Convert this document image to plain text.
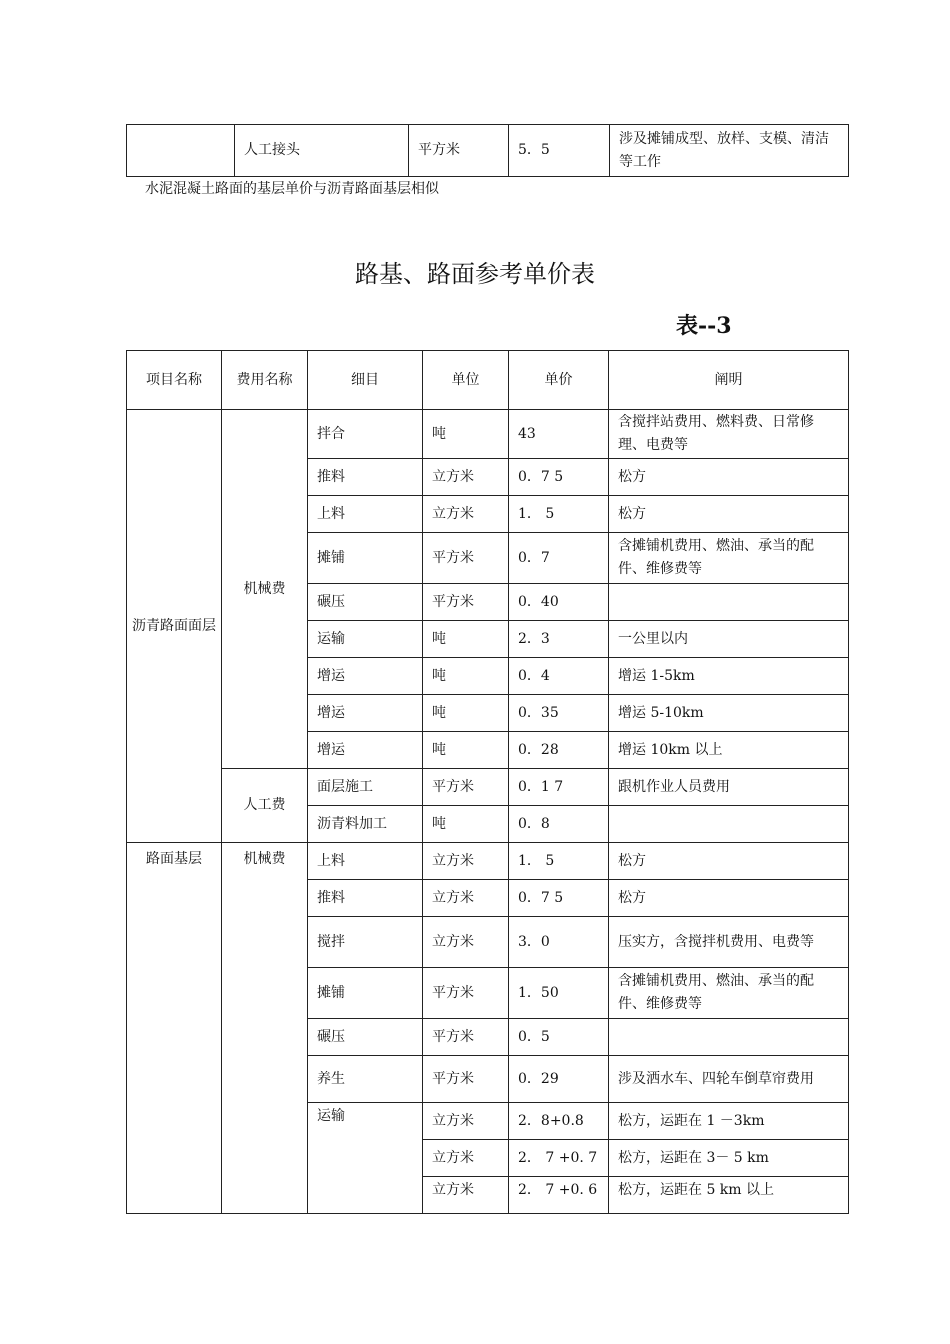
	人工接头	平方米	5．5	涉及摊铺成型、放样、支模、清洁等工作
水泥混凝土路面的基层单价与沥青路面基层相似
路基、路面参考单价表
表--3
项目名称	费用名称	细目	单位	单价	阐明
沥青路面面层	机械费	拌合	吨	43	含搅拌站费用、燃料费、日常修理、电费等
		推料	立方米	0．7 5	松方
		上料	立方米	1． 5	松方
		摊铺	平方米	0．7	含摊铺机费用、燃油、承当的配件、维修费等
		碾压	平方米	0．40	
		运输	吨	2．3	一公里以内
		增运	吨	0．4	增运 1-5km
		增运	吨	0．35	增运 5-10km
		增运	吨	0．28	增运 10km 以上
	人工费	面层施工	平方米	0．1 7	跟机作业人员费用
		沥青料加工	吨	0．8	
路面基层	机械费	上料	立方米	1． 5	松方
		推料	立方米	0．7 5	松方
		搅拌	立方米	3．0	压实方，含搅拌机费用、电费等
		摊铺	平方米	1．50	含摊铺机费用、燃油、承当的配件、维修费等
		碾压	平方米	0．5	
		养生	平方米	0．29	涉及洒水车、四轮车倒草帘费用
		运输	立方米	2．8+0.8	松方，运距在 1 －3km
			立方米	2． 7 +0. 7	松方，运距在 3－ 5 km
			立方米	2． 7 +0. 6	松方，运距在 5 km 以上
